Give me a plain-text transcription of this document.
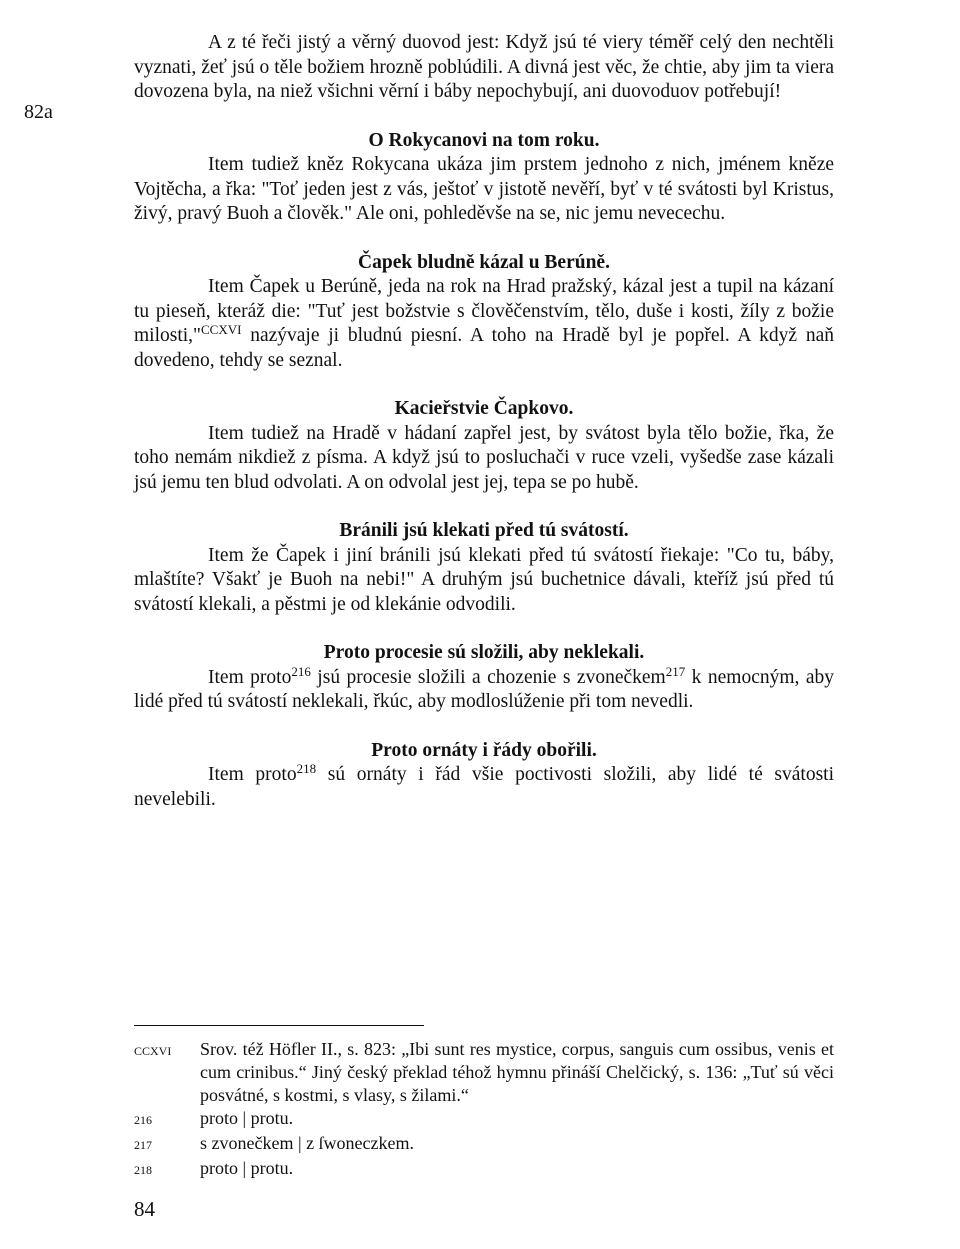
82a

A z té řeči jistý a věrný duovod jest: Když jsú té viery téměř celý den nechtěli vyznati, žeť jsú o těle božiem hrozně poblúdili. A divná jest věc, že chtie, aby jim ta viera dovozena byla, na niež všichni věrní i báby nepochybují, ani duovoduov potřebují!

O Rokycanovi na tom roku.

Item tudiež kněz Rokycana ukáza jim prstem jednoho z nich, jménem kněze Vojtěcha, a řka: "Toť jeden jest z vás, ještoť v jistotě nevěří, byť v té svátosti byl Kristus, živý, pravý Buoh a člověk." Ale oni, pohleděvše na se, nic jemu nevecechu.

Čapek bludně kázal u Berúně.

Item Čapek u Berúně, jeda na rok na Hrad pražský, kázal jest a tupil na kázaní tu pieseň, kteráž die: "Tuť jest božstvie s člověčenstvím, tělo, duše i kosti, žíly z božie milosti,"$^{CCXVI}$ nazývaje ji bludnú piesní. A toho na Hradě byl je popřel. A když naň dovedeno, tehdy se seznal.

Kacieřstvie Čapkovo.

Item tudiež na Hradě v hádaní zapřel jest, by svátost byla tělo božie, řka, že toho nemám nikdiež z písma. A když jsú to posluchači v ruce vzeli, vyšedše zase kázali jsú jemu ten blud odvolati. A on odvolal jest jej, tepa se po hubě.

Bránili jsú klekati před tú svátostí.

Item že Čapek i jiní bránili jsú klekati před tú svátostí řiekaje: "Co tu, báby, mlaštíte? Všakť je Buoh na nebi!" A druhým jsú buchetnice dávali, kteříž jsú před tú svátostí klekali, a pěstmi je od klekánie odvodili.

Proto procesie sú složili, aby neklekali.

Item proto$^{216}$ jsú procesie složili a chozenie s zvonečkem$^{217}$ k nemocným, aby lidé před tú svátostí neklekali, řkúc, aby modloslúženie při tom nevedli.

Proto ornáty i řády obořili.

Item proto$^{218}$ sú ornáty i řád všie poctivosti složili, aby lidé té svátosti nevelebili.

CCXVI	Srov. též Höfler II., s. 823: „Ibi sunt res mystice, corpus, sanguis cum ossibus, venis et cum crinibus.“ Jiný český překlad téhož hymnu přináší Chelčický, s. 136: „Tuť sú věci posvátné, s kostmi, s vlasy, s žilami.“
216	proto | protu.
217	s zvonečkem | z ſwoneczkem.
218	proto | protu.
84
